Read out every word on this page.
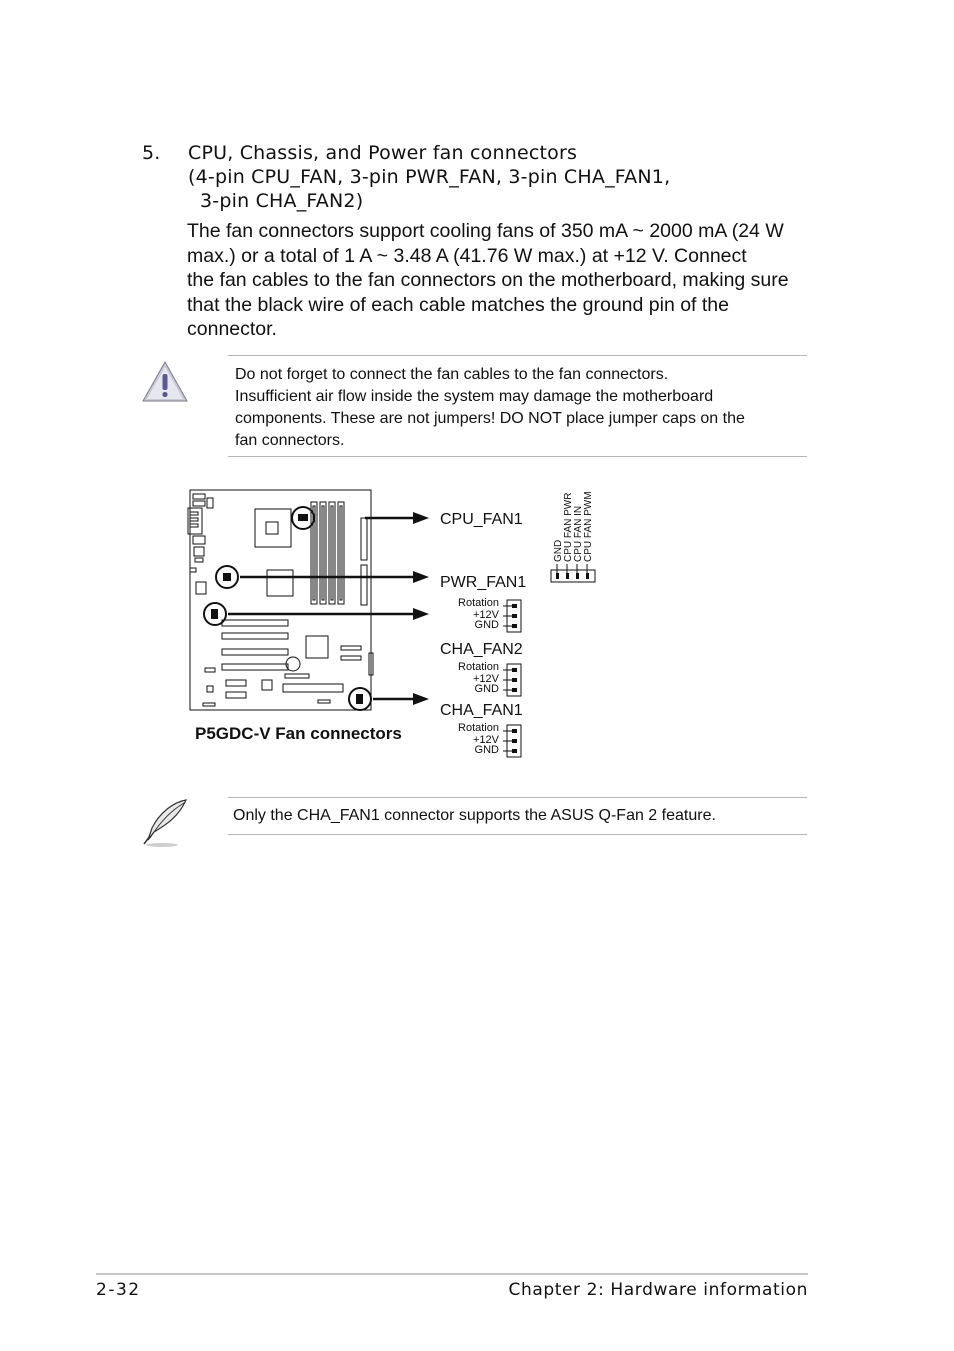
5.	CPU, Chassis, and Power fan connectors
(4-pin CPU_FAN, 3-pin PWR_FAN, 3-pin CHA_FAN1,
3-pin CHA_FAN2)
The fan connectors support cooling fans of 350 mA ~ 2000 mA (24 W
max.) or a total of 1 A ~ 3.48 A (41.76 W max.) at +12 V. Connect
the fan cables to the fan connectors on the motherboard, making sure
that the black wire of each cable matches the ground pin of the
connector.
Do not forget to connect the fan cables to the fan connectors.
Insufficient air flow inside the system may damage the motherboard
components. These are not jumpers! DO NOT place jumper caps on the
fan connectors.
CPU_FAN1
PWR_FAN1
CHA_FAN2
CHA_FAN1
GND CPU FAN PWR CPU FAN IN CPU FAN PWM
Rotation
+12V
GND
Rotation
+12V
GND
Rotation
+12V
GND
P5GDC-V Fan connectors
Only the CHA_FAN1 connector supports the ASUS Q-Fan 2 feature.
2-32	Chapter 2: Hardware information
